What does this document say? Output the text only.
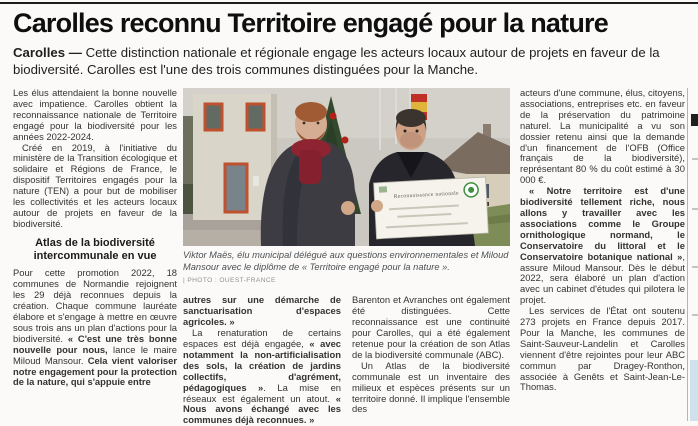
Carolles reconnu Territoire engagé pour la nature
Carolles — Cette distinction nationale et régionale engage les acteurs locaux autour de projets en faveur de la biodiversité. Carolles est l'une des trois communes distinguées pour la Manche.

Les élus attendaient la bonne nouvelle avec impatience. Carolles obtient la reconnaissance nationale de Territoire engagé pour la biodiversité pour les années 2022-2024.

Créé en 2019, à l'initiative du ministère de la Transition écologique et solidaire et Régions de France, le dispositif Territoires engagés pour la nature (TEN) a pour but de mobiliser les collectivités et les acteurs locaux autour de projets en faveur de la biodiversité.

Atlas de la biodiversité intercommunale en vue

Pour cette promotion 2022, 18 communes de Normandie rejoignent les 29 déjà reconnues depuis la création. Chaque commune lauréate élabore et s'engage à mettre en œuvre sous trois ans un plan d'actions pour la biodiversité. « C'est une très bonne nouvelle pour nous, lance le maire Miloud Mansour. Cela vient valoriser notre engagement pour la protection de la nature, qui s'appuie entre

Reconnaissance nationale
Viktor Maës, élu municipal délégué aux questions environnementales et Miloud Mansour avec le diplôme de « Territoire engagé pour la nature ». | PHOTO : OUEST-FRANCE

autres sur une démarche de sanctuarisation d'espaces agricoles. »

La renaturation de certains espaces est déjà engagée, « avec notamment la non-artificialisation des sols, la création de jardins collectifs, d'agrément, pédagogiques ». La mise en réseaux est également un atout. « Nous avons échangé avec les communes déjà reconnues. »

Barenton et Avranches ont également été distinguées. Cette reconnaissance est une continuité pour Carolles, qui a été également retenue pour la création de son Atlas de la biodiversité communale (ABC).

Un Atlas de la biodiversité communale est un inventaire des milieux et espèces présents sur un territoire donné. Il implique l'ensemble des

acteurs d'une commune, élus, citoyens, associations, entreprises etc. en faveur de la préservation du patrimoine naturel. La municipalité a vu son dossier retenu ainsi que la demande d'un financement de l'OFB (Office français de la biodiversité), représentant 80 % du coût estimé à 30 000 €.

« Notre territoire est d'une biodiversité tellement riche, nous allons y travailler avec les associations comme le Groupe ornithologique normand, le Conservatoire du littoral et le Conservatoire botanique national », assure Miloud Mansour. Dès le début 2022, sera élaboré un plan d'action avec un cabinet d'études qui pilotera le projet.

Les services de l'État ont soutenu 273 projets en France depuis 2017. Pour la Manche, les communes de Saint-Sauveur-Landelin et Carolles viennent d'être rejointes pour leur ABC commun par Dragey-Ronthon, associée à Genêts et Saint-Jean-Le-Thomas.
